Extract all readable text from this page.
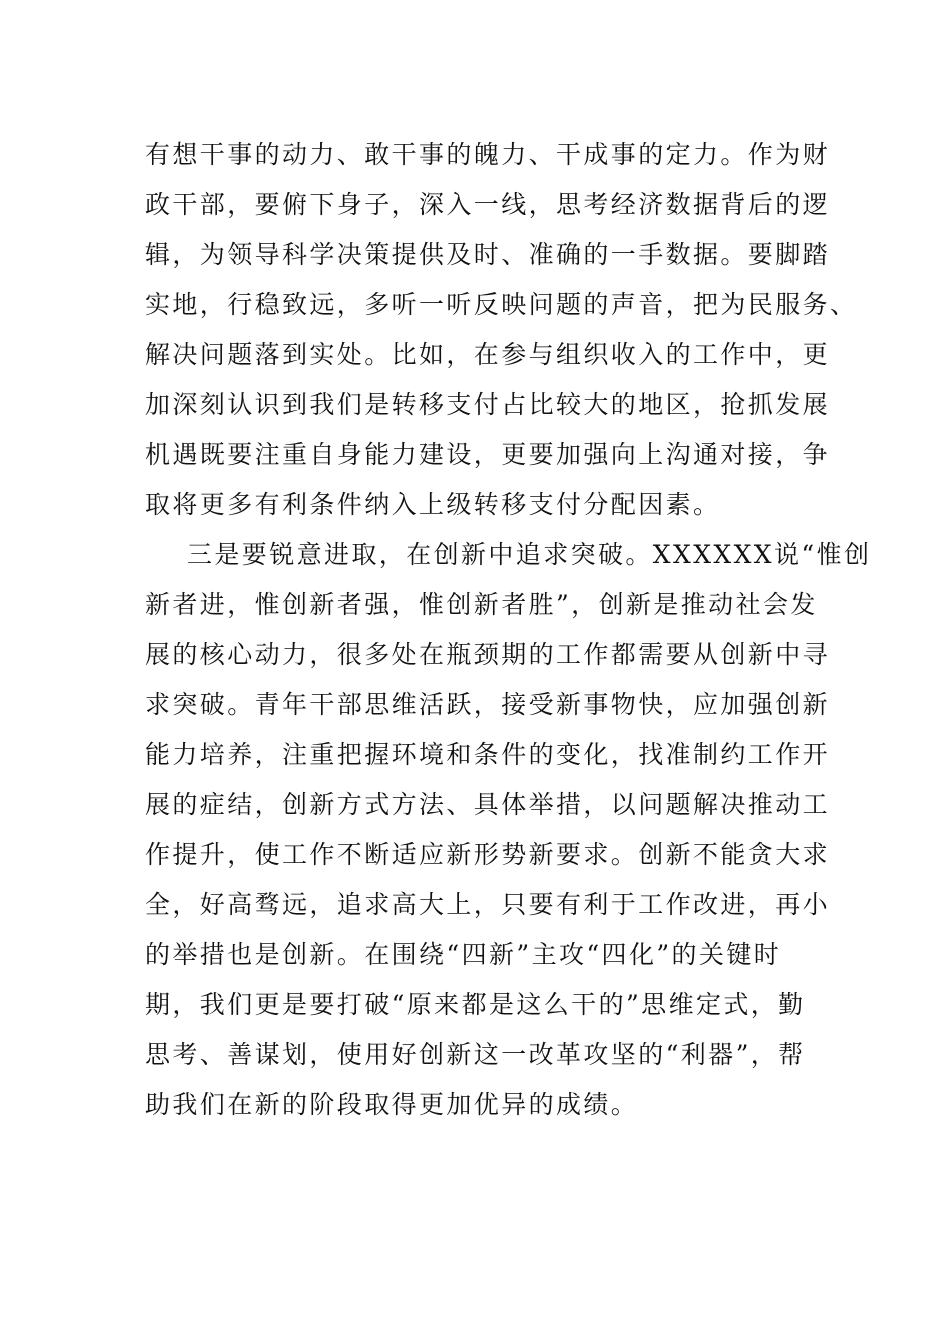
有想干事的动力、敢干事的魄力、干成事的定力。作为财
政干部，要俯下身子，深入一线，思考经济数据背后的逻
辑，为领导科学决策提供及时、准确的一手数据。要脚踏
实地，行稳致远，多听一听反映问题的声音，把为民服务、
解决问题落到实处。比如，在参与组织收入的工作中，更
加深刻认识到我们是转移支付占比较大的地区，抢抓发展
机遇既要注重自身能力建设，更要加强向上沟通对接，争
取将更多有利条件纳入上级转移支付分配因素。
三是要锐意进取，在创新中追求突破。XXXXXX说“惟创
新者进，惟创新者强，惟创新者胜”，创新是推动社会发
展的核心动力，很多处在瓶颈期的工作都需要从创新中寻
求突破。青年干部思维活跃，接受新事物快，应加强创新
能力培养，注重把握环境和条件的变化，找准制约工作开
展的症结，创新方式方法、具体举措，以问题解决推动工
作提升，使工作不断适应新形势新要求。创新不能贪大求
全，好高骛远，追求高大上，只要有利于工作改进，再小
的举措也是创新。在围绕“四新”主攻“四化”的关键时
期，我们更是要打破“原来都是这么干的”思维定式，勤
思考、善谋划，使用好创新这一改革攻坚的“利器”，帮
助我们在新的阶段取得更加优异的成绩。
